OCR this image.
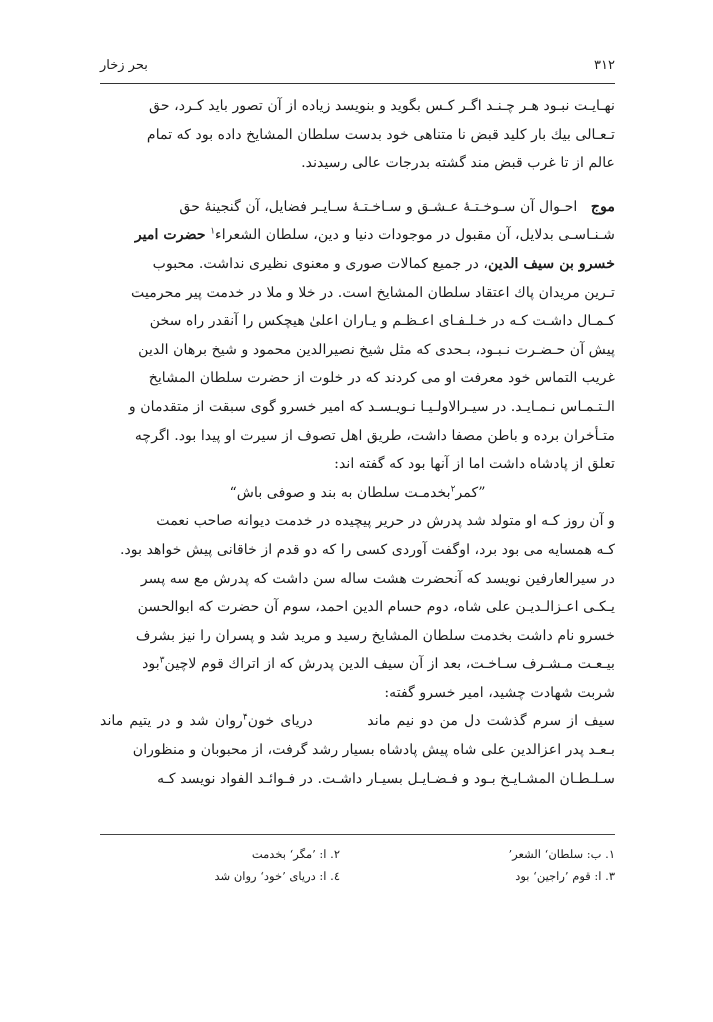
۳۱۲
بحر زخار

نهـایـت نبـود هـر چـنـد اگـر کـس بگوید و بنویسد زیاده از آن تصور باید کـرد، حق

تـعـالی بیك بار کلید قبض نا متناهی خود بدست سلطان المشایخ داده بود که تمام

عالم از تا غرب قبض مند گشته بدرجات عالی رسیدند.

موج   احـوال آن سـوخـتـهٔ عـشـق و سـاخـتـهٔ سـایـر فضایل، آن گنجینهٔ حق

شـنـاسـی بدلایل، آن مقبول در موجودات دنیا و دین، سلطان الشعراء$^۱$ حضرت امیر

خسرو بن سیف الدین، در جمیع کمالات صوری و معنوی نظیری نداشت. محبوب

تـرین مریدان پاك اعتقاد سلطان المشایخ است. در خلا و ملا در خدمت پیر محرمیت

کـمـال داشـت کـه در خـلـفـای اعـظـم و یـاران اعلیٰ هیچکس را آنقدر راه سخن

پیش آن حـضـرت نـبـود، بـحدی که مثل شیخ نصیرالدین محمود و شیخ برهان الدین

غریب التماس خود معرفت او می کردند که در خلوت از حضرت سلطان المشایخ

الـتـمـاس نـمـایـد. در سیـرالاولـیـا نـویـسـد که امیر خسرو گوی سبقت از متقدمان و

متـأخران برده و باطن مصفا داشت، طریق اهل تصوف از سیرت او پیدا بود. اگرچه

تعلق از پادشاه داشت اما از آنها بود که گفته اند:

”کمر$^۲$بخدمـت سلطان به بند و صوفی باش“

و آن روز کـه او متولد شد پدرش در حریر پیچیده در خدمت دیوانه صاحب نعمت

کـه همسایه می بود برد، اوگفت آوردی کسی را که دو قدم از خاقانی پیش خواهد بود.

در سیرالعارفین نویسد که آنحضرت هشت ساله سن داشت که پدرش مع سه پسر

یـکـی اعـزالـدیـن علی شاه، دوم حسام الدین احمد، سوم آن حضرت که ابوالحسن

خسرو نام داشت بخدمت سلطان المشایخ رسید و مرید شد و پسران را نیز بشرف

بیـعـت مـشـرف سـاخـت، بعد از آن سیف الدین پدرش که از اتراك قوم لاچین$^۳$بود

شربت شهادت چشید، امیر خسرو گفته:

سیف از سرم گذشت دل من دو نیم ماند         دریای خون$^۴$روان شد و در یتیم ماند

بـعـد پدر اعزالدین علی شاه پیش پادشاه بسیار رشد گرفت، از محبوبان و منظوران

سـلـطـان المشـایـخ بـود و فـضـایـل بسیـار داشـت. در فـوائـد الفواد نویسد کـه

۱. ب: سلطان‘ الشعر’
۲. ا: ’مگر‘ بخدمت
۳. ا: قوم ’راجین‘ بود
٤. ا: دریای ’خود‘ روان شد
